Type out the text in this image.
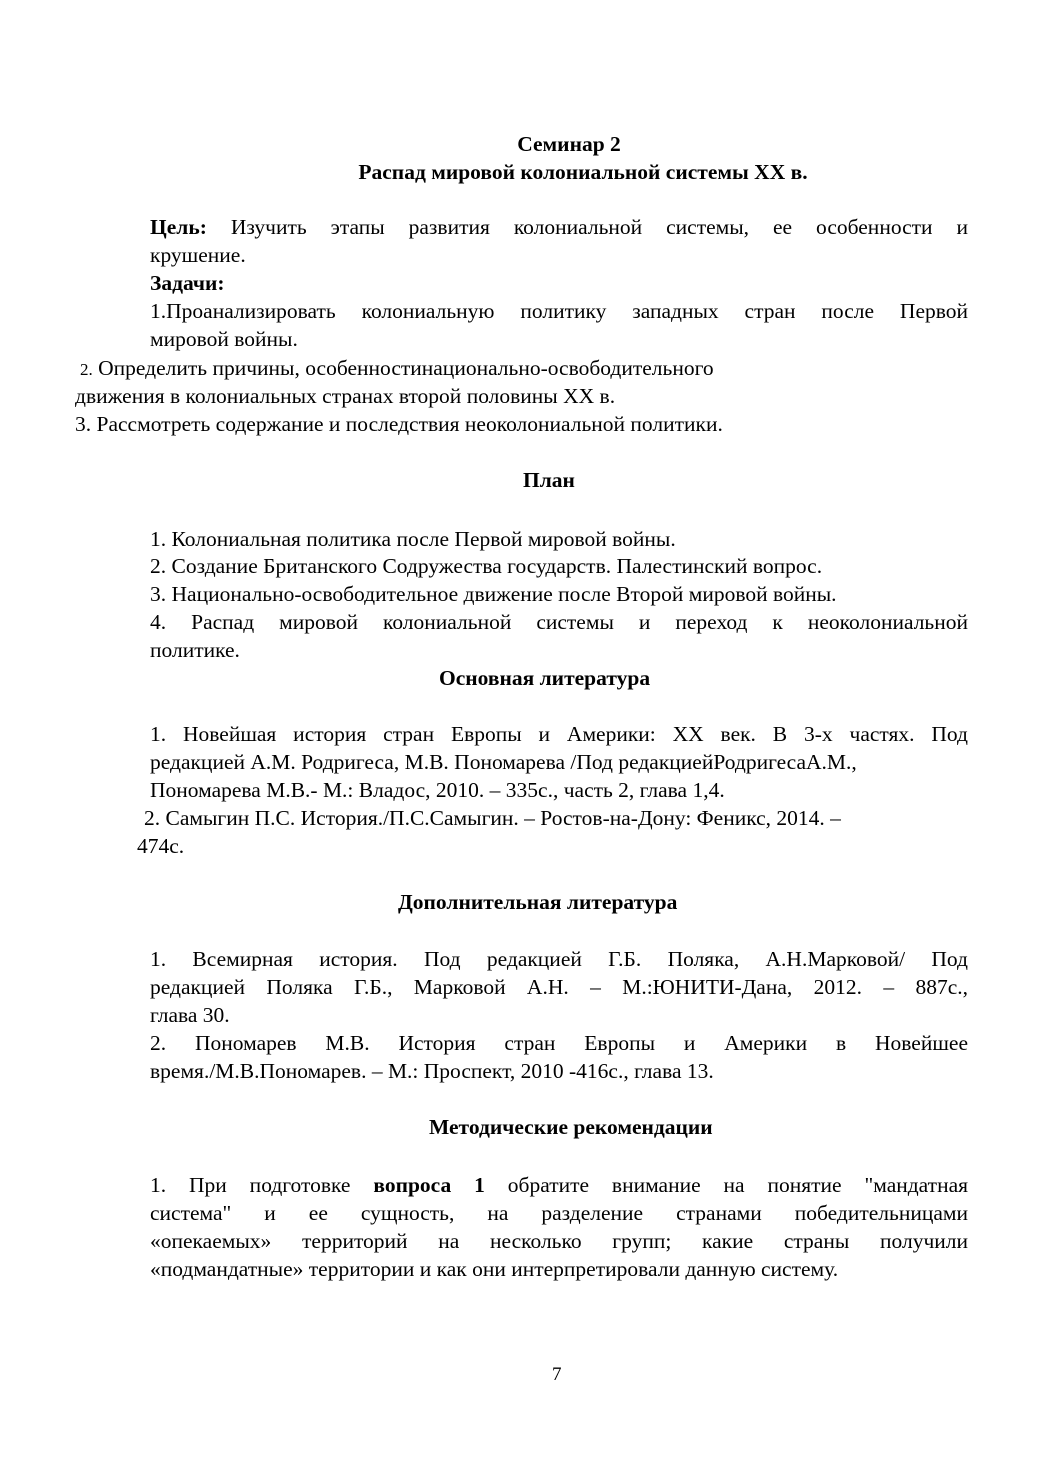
Семинар 2
Распад мировой колониальной системы ХХ в.
Цель: Изучить этапы развития колониальной системы, ее особенности и
крушение.
Задачи:
1.Проанализировать колониальную политику западных стран после Первой
мировой войны.
2. Определить причины, особенностинационально-освободительного
движения в колониальных странах второй половины ХХ в.
3. Рассмотреть содержание и последствия неоколониальной политики.
План
1. Колониальная политика после Первой мировой войны.
2. Создание Британского Содружества государств. Палестинский вопрос.
3. Национально-освободительное движение после Второй мировой войны.
4. Распад мировой колониальной системы и переход к неоколониальной
политике.
Основная литература
1. Новейшая история стран Европы и Америки: ХХ век. В 3-х частях. Под
редакцией А.М. Родригеса, М.В. Пономарева /Под редакциейРодригесаА.М.,
Пономарева М.В.- М.: Владос, 2010. – 335с., часть 2, глава 1,4.
2. Самыгин П.С. История./П.С.Самыгин. – Ростов-на-Дону: Феникс, 2014. –
474с.
Дополнительная литература
1. Всемирная история. Под редакцией Г.Б. Поляка, А.Н.Марковой/ Под
редакцией Поляка Г.Б., Марковой А.Н. – М.:ЮНИТИ-Дана, 2012. – 887с.,
глава 30.
2. Пономарев М.В. История стран Европы и Америки в Новейшее
время./М.В.Пономарев. – М.: Проспект, 2010 -416с., глава 13.
Методические рекомендации
1. При подготовке вопроса 1 обратите внимание на понятие "мандатная
система" и ее сущность, на разделение странами победительницами
«опекаемых» территорий на несколько групп; какие страны получили
«подмандатные» территории и как они интерпретировали данную систему.
7
